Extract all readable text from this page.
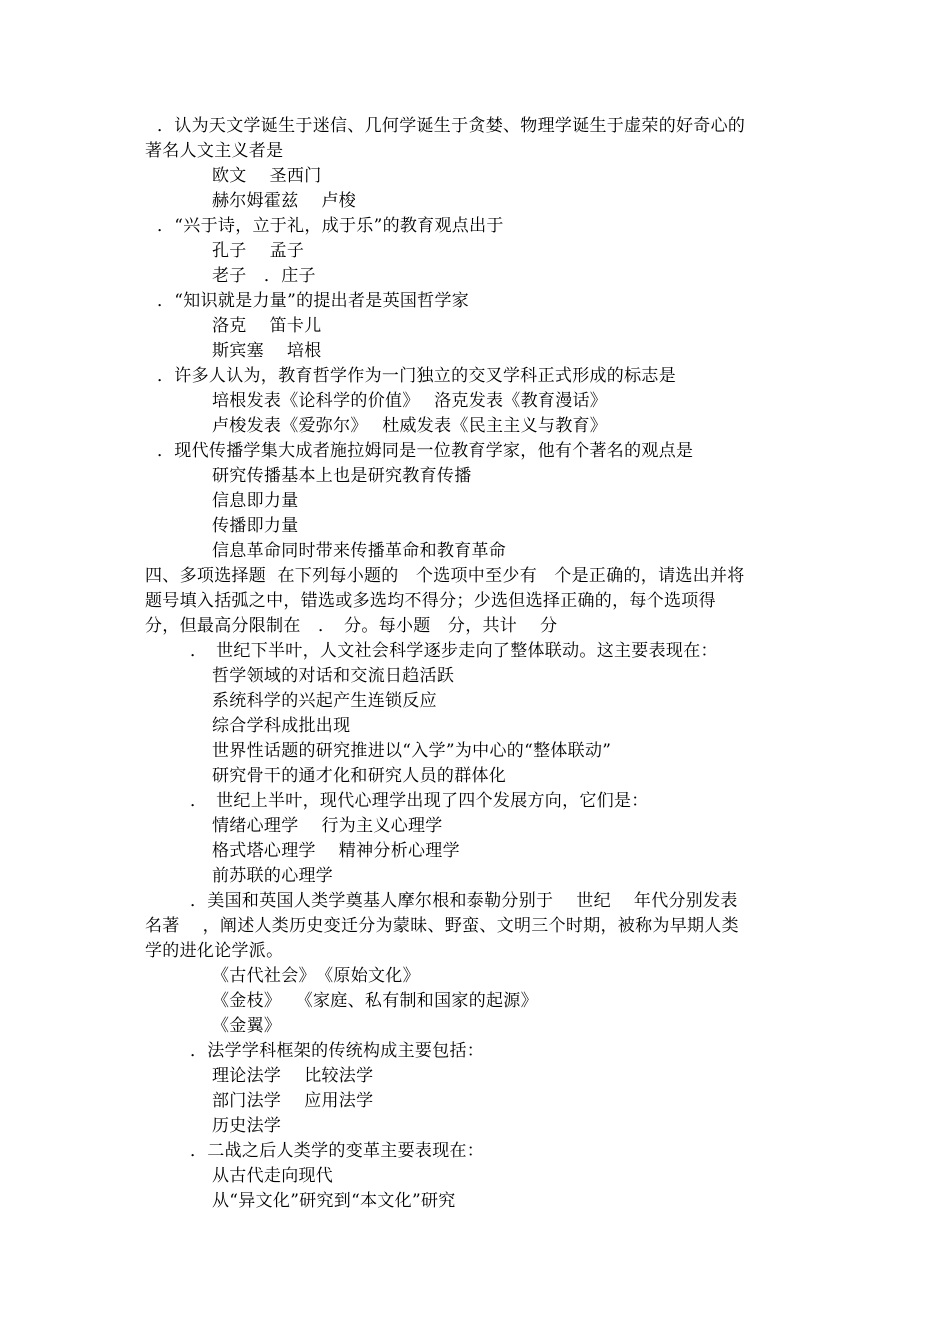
．认为天文学诞生于迷信、几何学诞生于贪婪、物理学诞生于虚荣的好奇心的
著名人文主义者是
欧文　 圣西门
赫尔姆霍兹　 卢梭
．“兴于诗，立于礼，成于乐”的教育观点出于
孔子　 孟子
老子　．庄子
．“知识就是力量”的提出者是英国哲学家
洛克　 笛卡儿
斯宾塞　 培根
．许多人认为，教育哲学作为一门独立的交叉学科正式形成的标志是
培根发表《论科学的价值》　 洛克发表《教育漫话》
卢梭发表《爱弥尔》　 杜威发表《民主主义与教育》
．现代传播学集大成者施拉姆同是一位教育学家，他有个著名的观点是
研究传播基本上也是研究教育传播
信息即力量
传播即力量
信息革命同时带来传播革命和教育革命
四、多项选择题  在下列每小题的　个选项中至少有　个是正确的，请选出并将
题号填入括弧之中，错选或多选均不得分；少选但选择正确的，每个选项得
分，但最高分限制在　．　分。每小题　分，共计　 分
．　世纪下半叶，人文社会科学逐步走向了整体联动。这主要表现在：
哲学领域的对话和交流日趋活跃
系统科学的兴起产生连锁反应
综合学科成批出现
世界性话题的研究推进以“入学”为中心的“整体联动”
研究骨干的通才化和研究人员的群体化
．　世纪上半叶，现代心理学出现了四个发展方向，它们是：
情绪心理学　 行为主义心理学
格式塔心理学　 精神分析心理学
前苏联的心理学
．美国和英国人类学奠基人摩尔根和泰勒分别于　 世纪　 年代分别发表
名著　 ，阐述人类历史变迁分为蒙昧、野蛮、文明三个时期，被称为早期人类
学的进化论学派。
《古代社会》　《原始文化》
《金枝》　 《家庭、私有制和国家的起源》
《金翼》
．法学学科框架的传统构成主要包括：
理论法学　 比较法学
部门法学　 应用法学
历史法学
．二战之后人类学的变革主要表现在：
从古代走向现代
从“异文化”研究到“本文化”研究
